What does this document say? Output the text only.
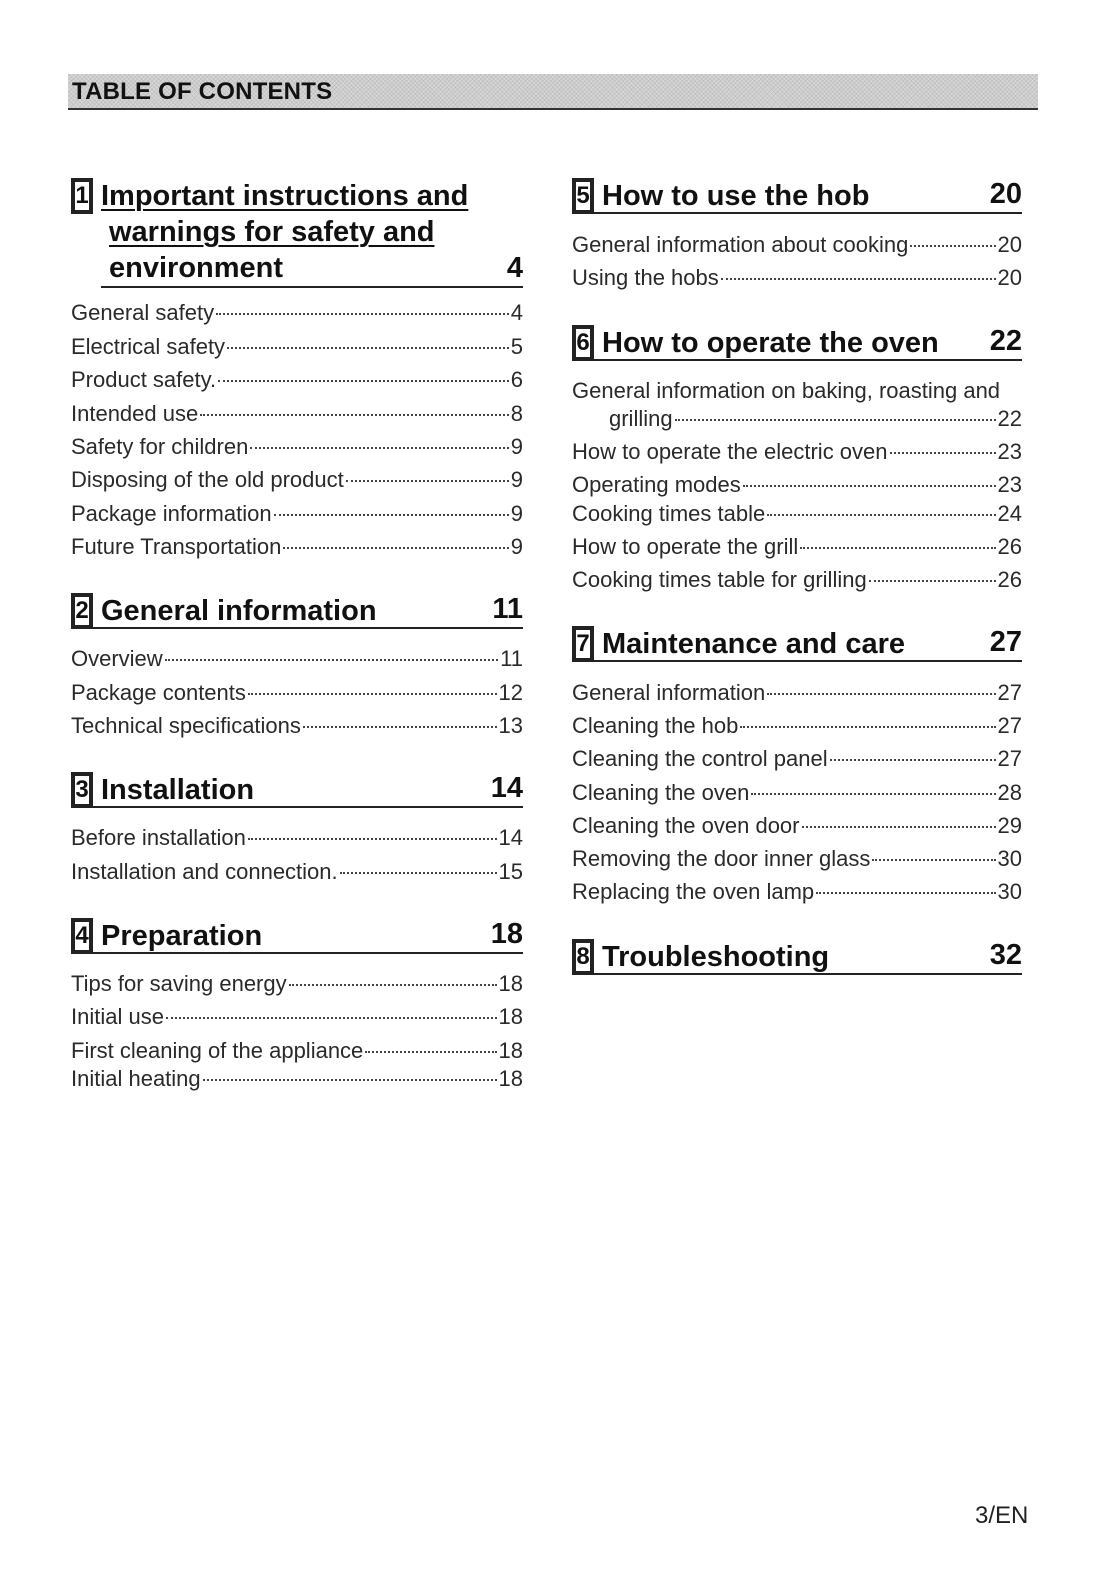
TABLE OF CONTENTS
1 Important instructions and
warnings for safety and
environment	4
General safety	4
Electrical safety	5
Product safety.	6
Intended use	8
Safety for children	9
Disposing of the old product	9
Package information	9
Future Transportation	9
2 General information	11
Overview	11
Package contents	12
Technical specifications	13
3 Installation	14
Before installation	14
Installation and connection.	15
4 Preparation	18
Tips for saving energy	18
Initial use	18
First cleaning of the appliance	18
Initial heating	18
5 How to use the hob	20
General information about cooking	20
Using the hobs	20
6 How to operate the oven 22
General information on baking, roasting and
grilling	22
How to operate the electric oven	23
Operating modes	23
Cooking times table	24
How to operate the grill	26
Cooking times table for grilling	26
7 Maintenance and care	27
General information	27
Cleaning the hob	27
Cleaning the control panel	27
Cleaning the oven	28
Cleaning the oven door	29
Removing the door inner glass	30
Replacing the oven lamp	30
8 Troubleshooting	32
3/EN
